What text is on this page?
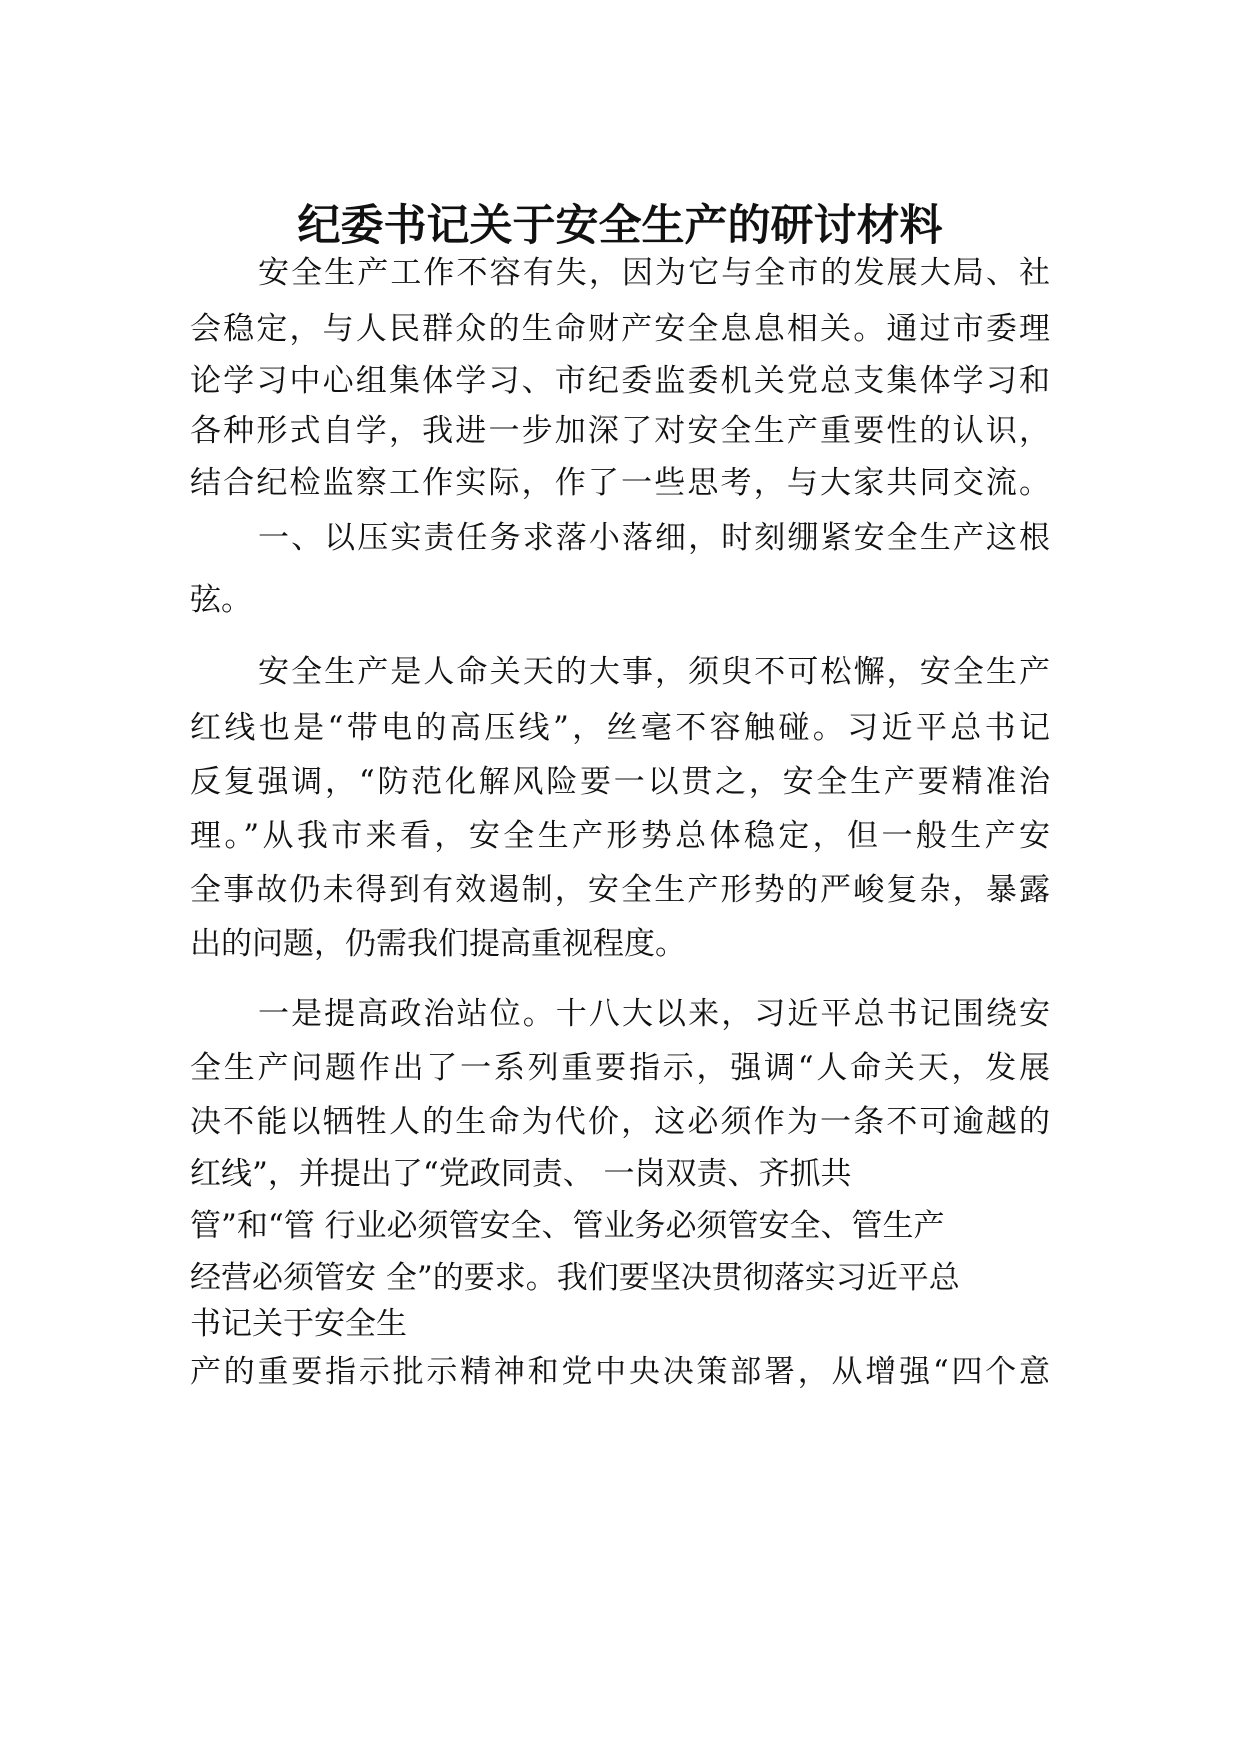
纪委书记关于安全生产的研讨材料
安全生产工作不容有失，因为它与全市的发展大局、社
会稳定，与人民群众的生命财产安全息息相关。通过市委理
论学习中心组集体学习、市纪委监委机关党总支集体学习和
各种形式自学，我进一步加深了对安全生产重要性的认识，
结合纪检监察工作实际，作了一些思考，与大家共同交流。
一、以压实责任务求落小落细，时刻绷紧安全生产这根
弦。
安全生产是人命关天的大事，须臾不可松懈，安全生产
红线也是“带电的高压线”，丝毫不容触碰。习近平总书记
反复强调，“防范化解风险要一以贯之，安全生产要精准治
理。”从我市来看，安全生产形势总体稳定，但一般生产安
全事故仍未得到有效遏制，安全生产形势的严峻复杂，暴露
出的问题，仍需我们提高重视程度。
一是提高政治站位。十八大以来，习近平总书记围绕安
全生产问题作出了一系列重要指示，强调“人命关天，发展
决不能以牺牲人的生命为代价，这必须作为一条不可逾越的
红线”，并提出了“党政同责、 一岗双责、齐抓共
管”和“管 行业必须管安全、管业务必须管安全、管生产
经营必须管安 全”的要求。我们要坚决贯彻落实习近平总
书记关于安全生
产的重要指示批示精神和党中央决策部署，从增强“四个意
